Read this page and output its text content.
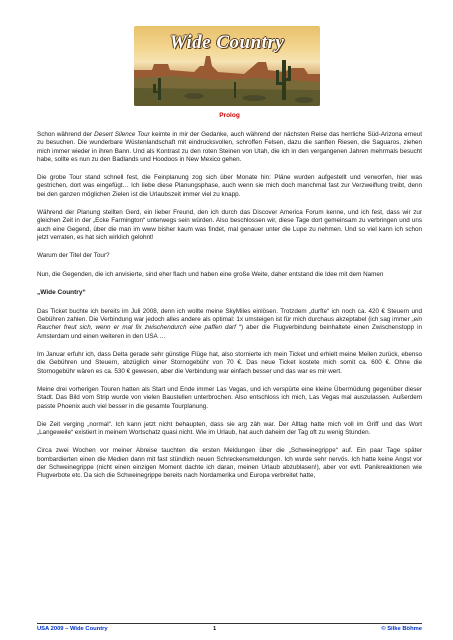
Wide Country
Prolog

Schon während der Desert Silence Tour keimte in mir der Gedanke, auch während der nächsten Reise das herrliche Süd-Arizona erneut zu besuchen. Die wunderbare Wüstenlandschaft mit eindrucksvollen, schroffen Felsen, dazu die sanften Riesen, die Saguaros, ziehen mich immer wieder in ihren Bann. Und als Kontrast zu den roten Steinen von Utah, die ich in den vergangenen Jahren mehrmals besucht habe, sollte es nun zu den Badlands und Hoodoos in New Mexico gehen.

Die grobe Tour stand schnell fest, die Feinplanung zog sich über Monate hin: Pläne wurden aufgestellt und verworfen, hier was gestrichen, dort was eingefügt… Ich liebe diese Planungsphase, auch wenn sie mich doch manchmal fast zur Verzweiflung treibt, denn bei den ganzen möglichen Zielen ist die Urlaubszeit immer viel zu knapp.

Während der Planung stellten Gerd, ein lieber Freund, den ich durch das Discover America Forum kenne, und ich fest, dass wir zur gleichen Zeit in der „Ecke Farmington“ unterwegs sein würden. Also beschlossen wir, diese Tage dort gemeinsam zu verbringen und uns auch eine Gegend, über die man im www bisher kaum was findet, mal genauer unter die Lupe zu nehmen. Und so viel kann ich schon jetzt verraten, es hat sich wirklich gelohnt!

Warum der Titel der Tour?

Nun, die Gegenden, die ich anvisierte, sind eher flach und haben eine große Weite, daher entstand die Idee mit dem Namen

„Wide Country“

Das Ticket buchte ich bereits im Juli 2008, denn ich wollte meine SkyMiles einlösen. Trotzdem „durfte“ ich noch ca. 420 € Steuern und Gebühren zahlen. Die Verbindung war jedoch alles andere als optimal: 1x umsteigen ist für mich durchaus akzeptabel (ich sag immer „ein Raucher freut sich, wenn er mal fix zwischendurch eine paffen darf “) aber die Flugverbindung beinhaltete einen Zwischenstopp in Amsterdam und einen weiteren in den USA …

Im Januar erfuhr ich, dass Delta gerade sehr günstige Flüge hat, also stornierte ich mein Ticket und erhielt meine Meilen zurück, ebenso die Gebühren und Steuern, abzüglich einer Stornogebühr von 70 €. Das neue Ticket kostete mich somit ca. 600 €. Ohne die Stornogebühr wären es ca. 530 € gewesen, aber die Verbindung war einfach besser und das war es mir wert.

Meine drei vorherigen Touren hatten als Start und Ende immer Las Vegas, und ich verspürte eine kleine Übermüdung gegenüber dieser Stadt. Das Bild vom Strip wurde von vielen Baustellen unterbrochen. Also entschloss ich mich, Las Vegas mal auszulassen. Außerdem passte Phoenix auch viel besser in die gesamte Tourplanung.

Die Zeit verging „normal“. Ich kann jetzt nicht behaupten, dass sie arg zäh war. Der Alltag hatte mich voll im Griff und das Wort „Langeweile“ existiert in meinem Wortschatz quasi nicht. Wie im Urlaub, hat auch daheim der Tag oft zu wenig Stunden.

Circa zwei Wochen vor meiner Abreise tauchten die ersten Meldungen über die „Schweinegrippe“ auf. Ein paar Tage später bombardierten einen die Medien dann mit fast stündlich neuen Schreckensmeldungen. Ich wurde sehr nervös. Ich hatte keine Angst vor der Schweinegrippe (nicht einen einzigen Moment dachte ich daran, meinen Urlaub abzublasen!), aber vor evtl. Panikreaktionen wie Flugverbote etc. Da sich die Schweinegrippe bereits nach Nordamerika und Europa verbreitet hatte,

USA 2009 – Wide Country	1	© Silke Böhme
